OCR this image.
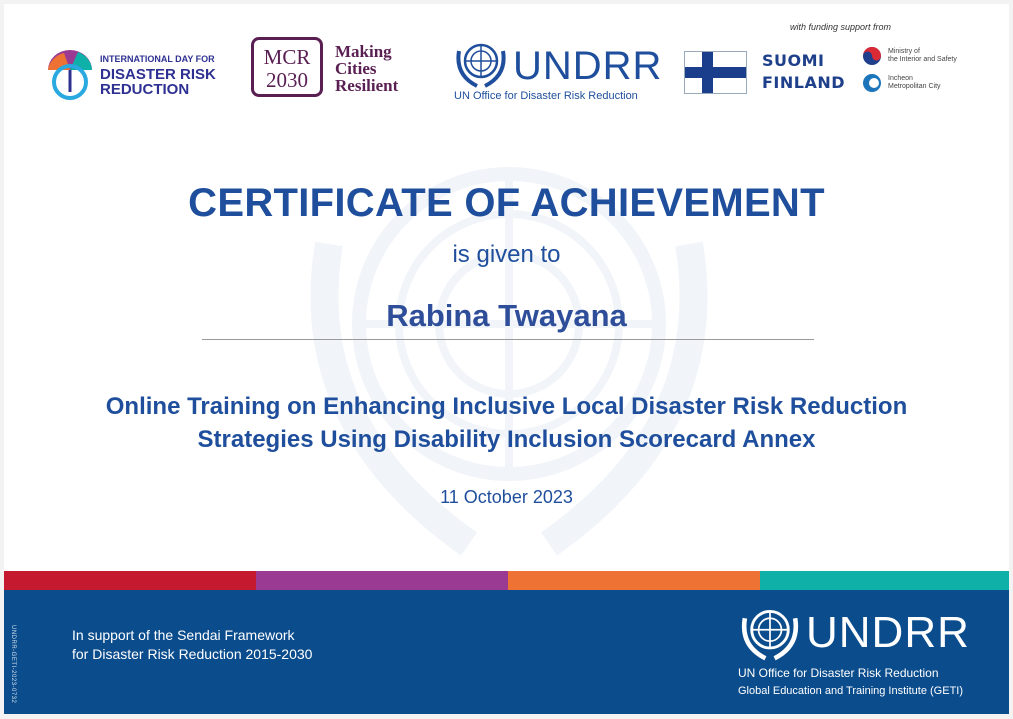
INTERNATIONAL DAY FOR
DISASTER RISK
REDUCTION
MCR
2030
Making
Cities
Resilient	UNDRR
UN Office for Disaster Risk Reduction
with funding support from
SUOMI
FINLAND
Ministry of
the Interior and Safety
Incheon
Metropolitan City
CERTIFICATE OF ACHIEVEMENT
is given to
Rabina Twayana
Online Training on Enhancing Inclusive Local Disaster Risk Reduction
Strategies Using Disability Inclusion Scorecard Annex
11 October 2023
UNDRR-GETI-2023-0732	In support of the Sendai Framework
for Disaster Risk Reduction 2015-2030	UNDRR
UN Office for Disaster Risk Reduction
Global Education and Training Institute (GETI)
